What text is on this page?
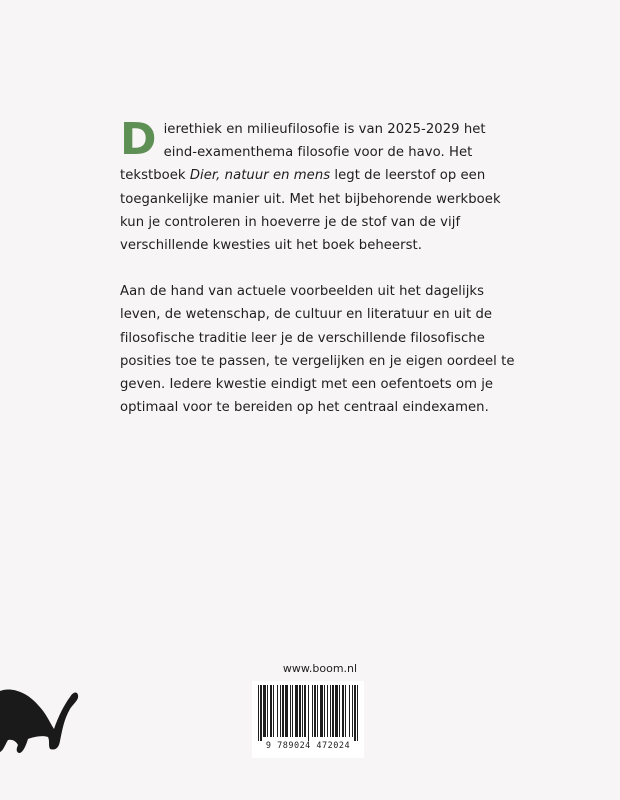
Dierethiek en milieufilosofie is van 2025-2029 het eind-examenthema filosofie voor de havo. Het tekstboek Dier, natuur en mens legt de leerstof op een toegankelijke manier uit. Met het bijbehorende werkboek kun je controleren in hoeverre je de stof van de vijf verschillende kwesties uit het boek beheerst.

Aan de hand van actuele voorbeelden uit het dagelijks leven, de wetenschap, de cultuur en literatuur en uit de filosofische traditie leer je de verschillende filosofische posities toe te passen, te vergelijken en je eigen oordeel te geven. Iedere kwestie eindigt met een oefentoets om je optimaal voor te bereiden op het centraal eindexamen.

www.boom.nl
9 789024 472024
